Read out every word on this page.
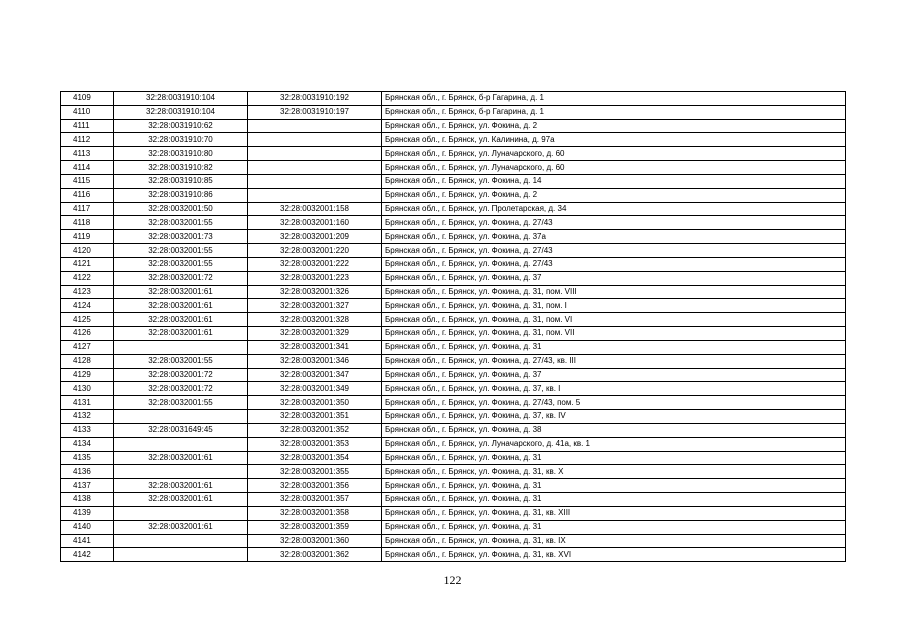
4109	32:28:0031910:104	32:28:0031910:192	Брянская обл., г. Брянск, б-р Гагарина, д. 1
4110	32:28:0031910:104	32:28:0031910:197	Брянская обл., г. Брянск, б-р Гагарина, д. 1
4111	32:28:0031910:62		Брянская обл., г. Брянск, ул. Фокина, д. 2
4112	32:28:0031910:70		Брянская обл., г. Брянск, ул. Калинина, д. 97а
4113	32:28:0031910:80		Брянская обл., г. Брянск, ул. Луначарского, д. 60
4114	32:28:0031910:82		Брянская обл., г. Брянск, ул. Луначарского, д. 60
4115	32:28:0031910:85		Брянская обл., г. Брянск, ул. Фокина, д. 14
4116	32:28:0031910:86		Брянская обл., г. Брянск, ул. Фокина, д. 2
4117	32:28:0032001:50	32:28:0032001:158	Брянская обл., г. Брянск, ул. Пролетарская, д. 34
4118	32:28:0032001:55	32:28:0032001:160	Брянская обл., г. Брянск, ул. Фокина, д. 27/43
4119	32:28:0032001:73	32:28:0032001:209	Брянская обл., г. Брянск, ул. Фокина, д. 37а
4120	32:28:0032001:55	32:28:0032001:220	Брянская обл., г. Брянск, ул. Фокина, д. 27/43
4121	32:28:0032001:55	32:28:0032001:222	Брянская обл., г. Брянск, ул. Фокина, д. 27/43
4122	32:28:0032001:72	32:28:0032001:223	Брянская обл., г. Брянск, ул. Фокина, д. 37
4123	32:28:0032001:61	32:28:0032001:326	Брянская обл., г. Брянск, ул. Фокина, д. 31, пом. VIII
4124	32:28:0032001:61	32:28:0032001:327	Брянская обл., г. Брянск, ул. Фокина, д. 31, пом. I
4125	32:28:0032001:61	32:28:0032001:328	Брянская обл., г. Брянск, ул. Фокина, д. 31, пом. VI
4126	32:28:0032001:61	32:28:0032001:329	Брянская обл., г. Брянск, ул. Фокина, д. 31, пом. VII
4127		32:28:0032001:341	Брянская обл., г. Брянск, ул. Фокина, д. 31
4128	32:28:0032001:55	32:28:0032001:346	Брянская обл., г. Брянск, ул. Фокина, д. 27/43, кв. III
4129	32:28:0032001:72	32:28:0032001:347	Брянская обл., г. Брянск, ул. Фокина, д. 37
4130	32:28:0032001:72	32:28:0032001:349	Брянская обл., г. Брянск, ул. Фокина, д. 37, кв. I
4131	32:28:0032001:55	32:28:0032001:350	Брянская обл., г. Брянск, ул. Фокина, д. 27/43, пом. 5
4132		32:28:0032001:351	Брянская обл., г. Брянск, ул. Фокина, д. 37, кв. IV
4133	32:28:0031649:45	32:28:0032001:352	Брянская обл., г. Брянск, ул. Фокина, д. 38
4134		32:28:0032001:353	Брянская обл., г. Брянск, ул. Луначарского, д. 41а, кв. 1
4135	32:28:0032001:61	32:28:0032001:354	Брянская обл., г. Брянск, ул. Фокина, д. 31
4136		32:28:0032001:355	Брянская обл., г. Брянск, ул. Фокина, д. 31, кв. X
4137	32:28:0032001:61	32:28:0032001:356	Брянская обл., г. Брянск, ул. Фокина, д. 31
4138	32:28:0032001:61	32:28:0032001:357	Брянская обл., г. Брянск, ул. Фокина, д. 31
4139		32:28:0032001:358	Брянская обл., г. Брянск, ул. Фокина, д. 31, кв. XIII
4140	32:28:0032001:61	32:28:0032001:359	Брянская обл., г. Брянск, ул. Фокина, д. 31
4141		32:28:0032001:360	Брянская обл., г. Брянск, ул. Фокина, д. 31, кв. IX
4142		32:28:0032001:362	Брянская обл., г. Брянск, ул. Фокина, д. 31, кв. XVI
122
